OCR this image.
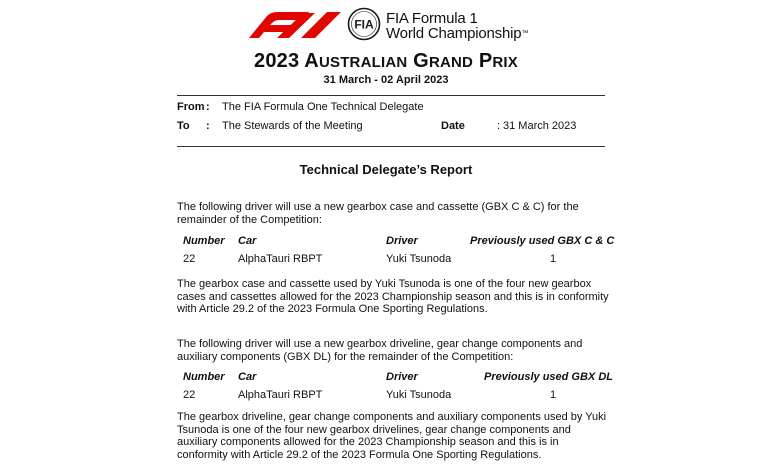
FIA FIA Formula 1
World Championship™
2023 AUSTRALIAN GRAND PRIX
31 March - 02 April 2023
From : The FIA Formula One Technical Delegate
To : The Stewards of the Meeting	Date	: 31 March 2023
Technical Delegate’s Report
The following driver will use a new gearbox case and cassette (GBX C & C) for the remainder of the Competition:
Number Car	Driver	Previously used GBX C & C
22	AlphaTauri RBPT	Yuki Tsunoda	1
The gearbox case and cassette used by Yuki Tsunoda is one of the four new gearbox cases and cassettes allowed for the 2023 Championship season and this is in conformity with Article 29.2 of the 2023 Formula One Sporting Regulations.
The following driver will use a new gearbox driveline, gear change components and auxiliary components (GBX DL) for the remainder of the Competition:
Number Car	Driver	Previously used GBX DL
22	AlphaTauri RBPT	Yuki Tsunoda	1
The gearbox driveline, gear change components and auxiliary components used by Yuki Tsunoda is one of the four new gearbox drivelines, gear change components and auxiliary components allowed for the 2023 Championship season and this is in conformity with Article 29.2 of the 2023 Formula One Sporting Regulations.
